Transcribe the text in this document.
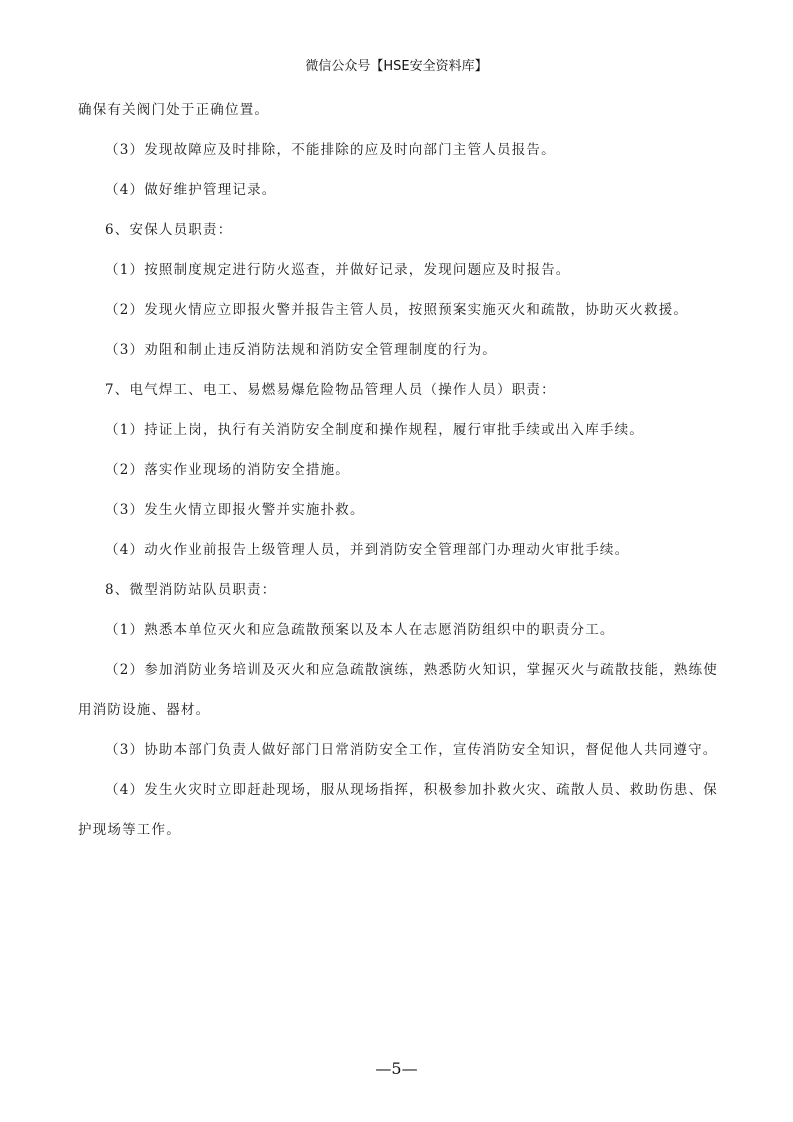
微信公众号【HSE安全资料库】

确保有关阀门处于正确位置。

（3）发现故障应及时排除，不能排除的应及时向部门主管人员报告。

（4）做好维护管理记录。

6、安保人员职责：

（1）按照制度规定进行防火巡查，并做好记录，发现问题应及时报告。

（2）发现火情应立即报火警并报告主管人员，按照预案实施灭火和疏散，协助灭火救援。

（3）劝阻和制止违反消防法规和消防安全管理制度的行为。

7、电气焊工、电工、易燃易爆危险物品管理人员（操作人员）职责：

（1）持证上岗，执行有关消防安全制度和操作规程，履行审批手续或出入库手续。

（2）落实作业现场的消防安全措施。

（3）发生火情立即报火警并实施扑救。

（4）动火作业前报告上级管理人员，并到消防安全管理部门办理动火审批手续。

8、微型消防站队员职责：

（1）熟悉本单位灭火和应急疏散预案以及本人在志愿消防组织中的职责分工。

（2）参加消防业务培训及灭火和应急疏散演练，熟悉防火知识，掌握灭火与疏散技能，熟练使用消防设施、器材。

（3）协助本部门负责人做好部门日常消防安全工作，宣传消防安全知识，督促他人共同遵守。

（4）发生火灾时立即赶赴现场，服从现场指挥，积极参加扑救火灾、疏散人员、救助伤患、保护现场等工作。

—5—
